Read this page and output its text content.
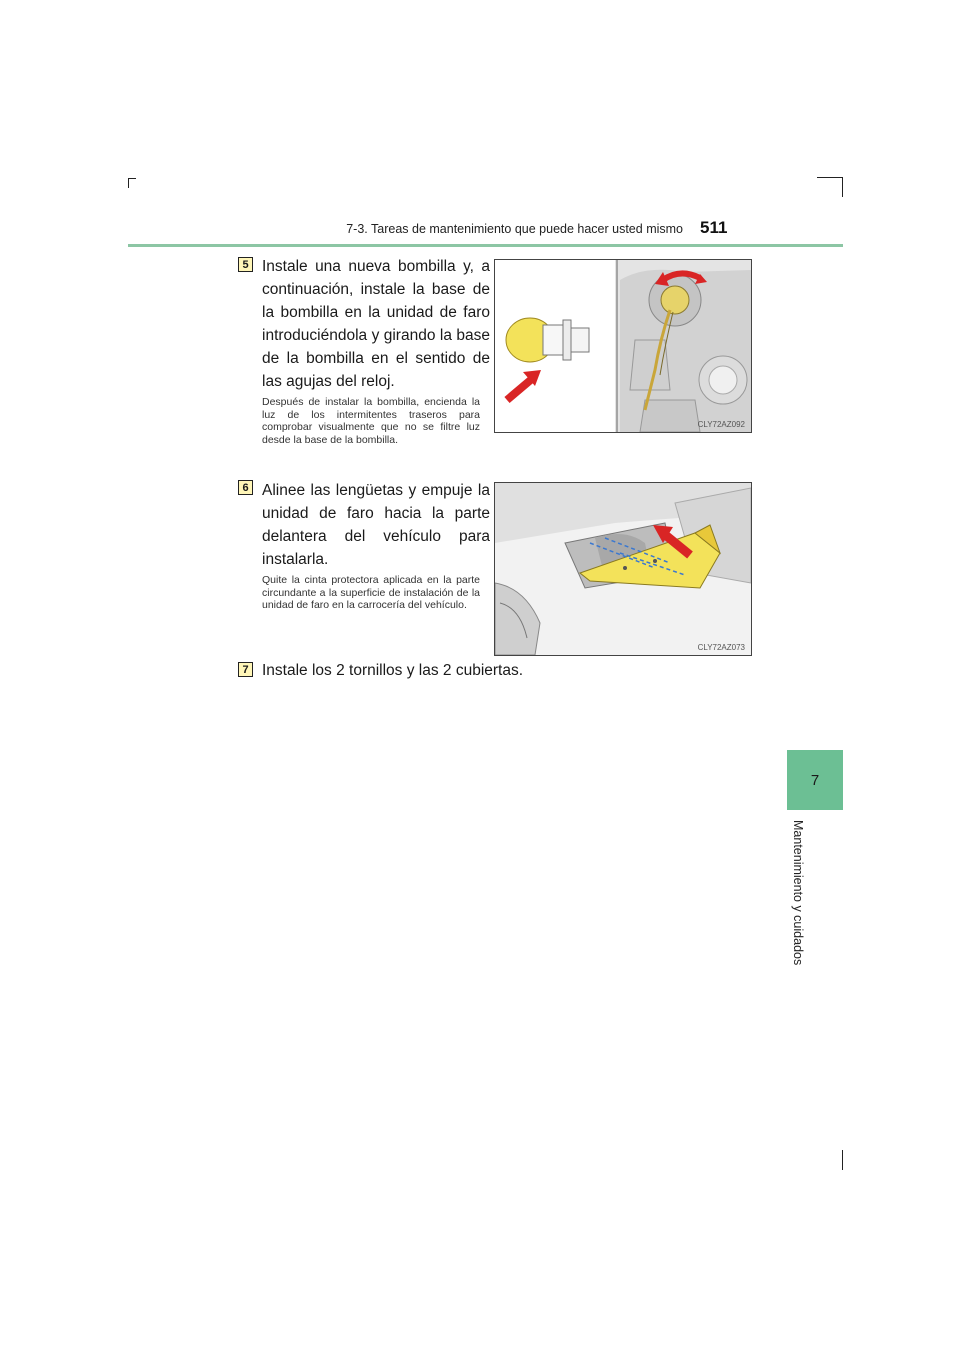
7-3. Tareas de mantenimiento que puede hacer usted mismo 511
7
Mantenimiento y cuidados
5 Instale una nueva bombilla y, a continuación, instale la base de la bombilla en la unidad de faro introduciéndola y girando la base de la bombilla en el sentido de las agujas del reloj.
Después de instalar la bombilla, encienda la luz de los intermitentes traseros para comprobar visualmente que no se filtre luz desde la base de la bombilla.
CLY72AZ092
6 Alinee las lengüetas y empuje la unidad de faro hacia la parte delantera del vehículo para instalarla.
Quite la cinta protectora aplicada en la parte circundante a la superficie de instalación de la unidad de faro en la carrocería del vehículo.
CLY72AZ073
7 Instale los 2 tornillos y las 2 cubiertas.
